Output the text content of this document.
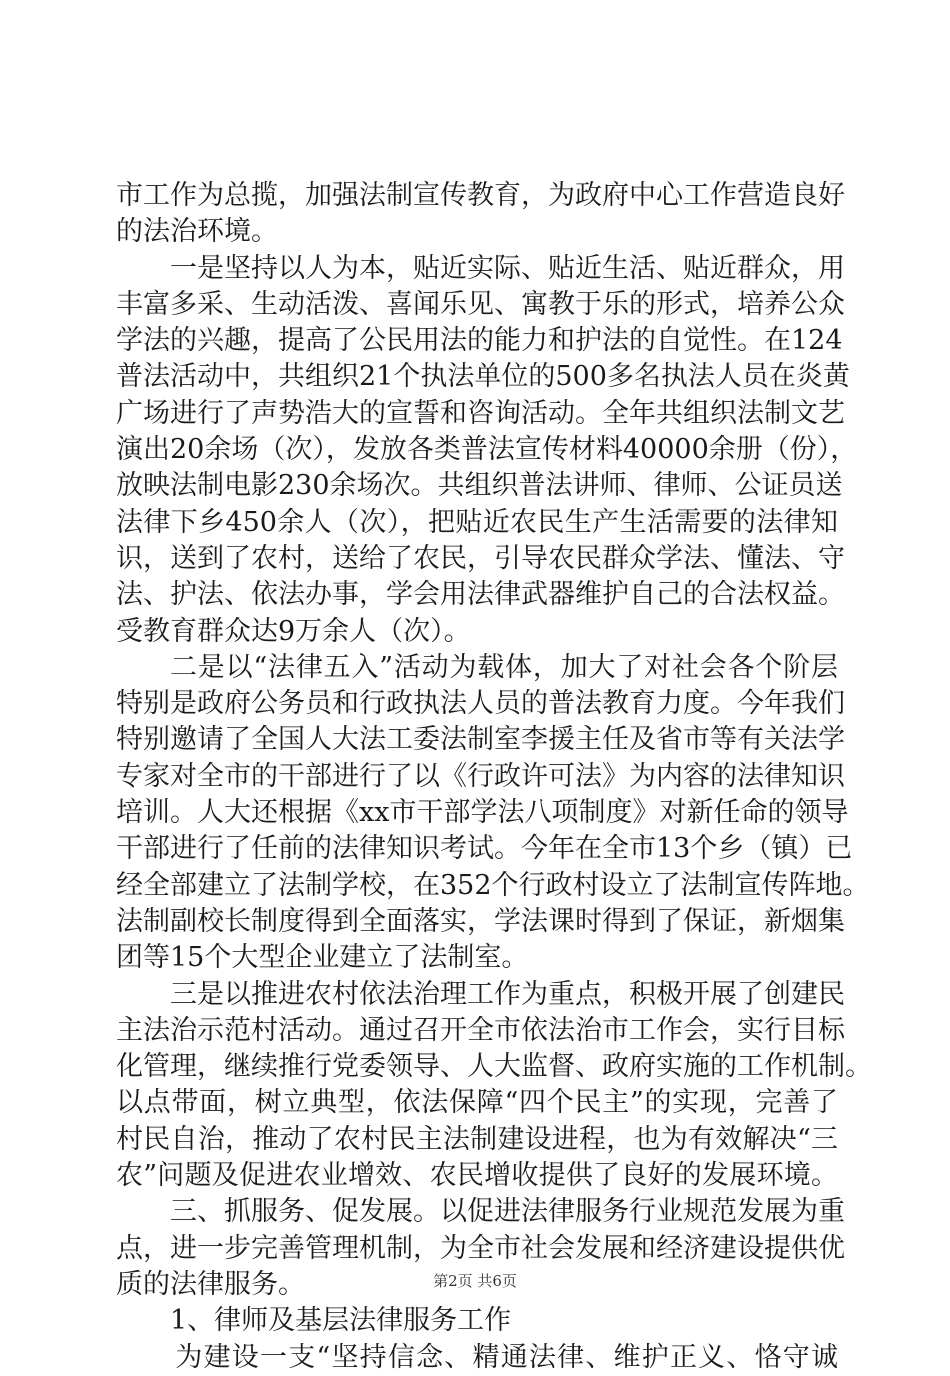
市工作为总揽，加强法制宣传教育，为政府中心工作营造良好
的法治环境。
一是坚持以人为本，贴近实际、贴近生活、贴近群众，用
丰富多采、生动活泼、喜闻乐见、寓教于乐的形式，培养公众
学法的兴趣，提高了公民用法的能力和护法的自觉性。在124
普法活动中，共组织21个执法单位的500多名执法人员在炎黄
广场进行了声势浩大的宣誓和咨询活动。全年共组织法制文艺
演出20余场（次），发放各类普法宣传材料40000余册（份），
放映法制电影230余场次。共组织普法讲师、律师、公证员送
法律下乡450余人（次），把贴近农民生产生活需要的法律知
识，送到了农村，送给了农民，引导农民群众学法、懂法、守
法、护法、依法办事，学会用法律武器维护自己的合法权益。
受教育群众达9万余人（次）。
二是以“法律五入”活动为载体，加大了对社会各个阶层
特别是政府公务员和行政执法人员的普法教育力度。今年我们
特别邀请了全国人大法工委法制室李援主任及省市等有关法学
专家对全市的干部进行了以《行政许可法》为内容的法律知识
培训。人大还根据《xx市干部学法八项制度》对新任命的领导
干部进行了任前的法律知识考试。今年在全市13个乡（镇）已
经全部建立了法制学校，在352个行政村设立了法制宣传阵地。
法制副校长制度得到全面落实，学法课时得到了保证，新烟集
团等15个大型企业建立了法制室。
三是以推进农村依法治理工作为重点，积极开展了创建民
主法治示范村活动。通过召开全市依法治市工作会，实行目标
化管理，继续推行党委领导、人大监督、政府实施的工作机制。
以点带面，树立典型，依法保障“四个民主”的实现，完善了
村民自治，推动了农村民主法制建设进程，也为有效解决“三
农”问题及促进农业增效、农民增收提供了良好的发展环境。
三、抓服务、促发展。以促进法律服务行业规范发展为重
点，进一步完善管理机制，为全市社会发展和经济建设提供优
质的法律服务。
1、律师及基层法律服务工作
为建设一支“坚持信念、精通法律、维护正义、恪守诚
第2页 共6页
